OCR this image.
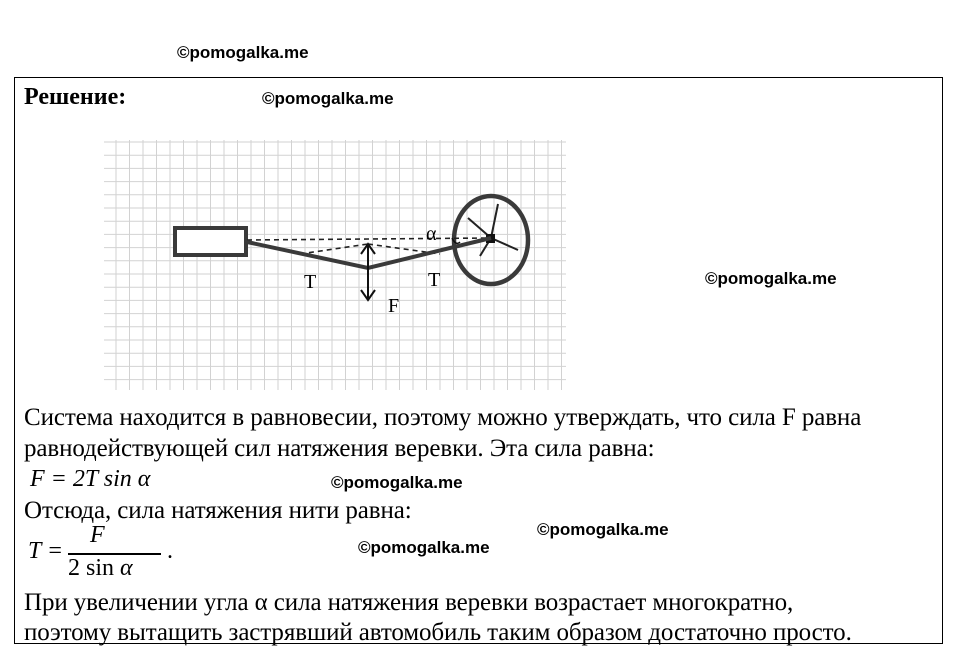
©pomogalka.me
Решение:	©pomogalka.me
α
T	T
F
©pomogalka.me
Система находится в равновесии, поэтому можно утверждать, что сила F равна
равнодействующей сил натяжения веревки. Эта сила равна:
F = 2T sin α	©pomogalka.me
Отсюда, сила натяжения нити равна:
©pomogalka.me
T =
F
2 sin α
.	©pomogalka.me
При увеличении угла α сила натяжения веревки возрастает многократно,
поэтому вытащить застрявший автомобиль таким образом достаточно просто.
